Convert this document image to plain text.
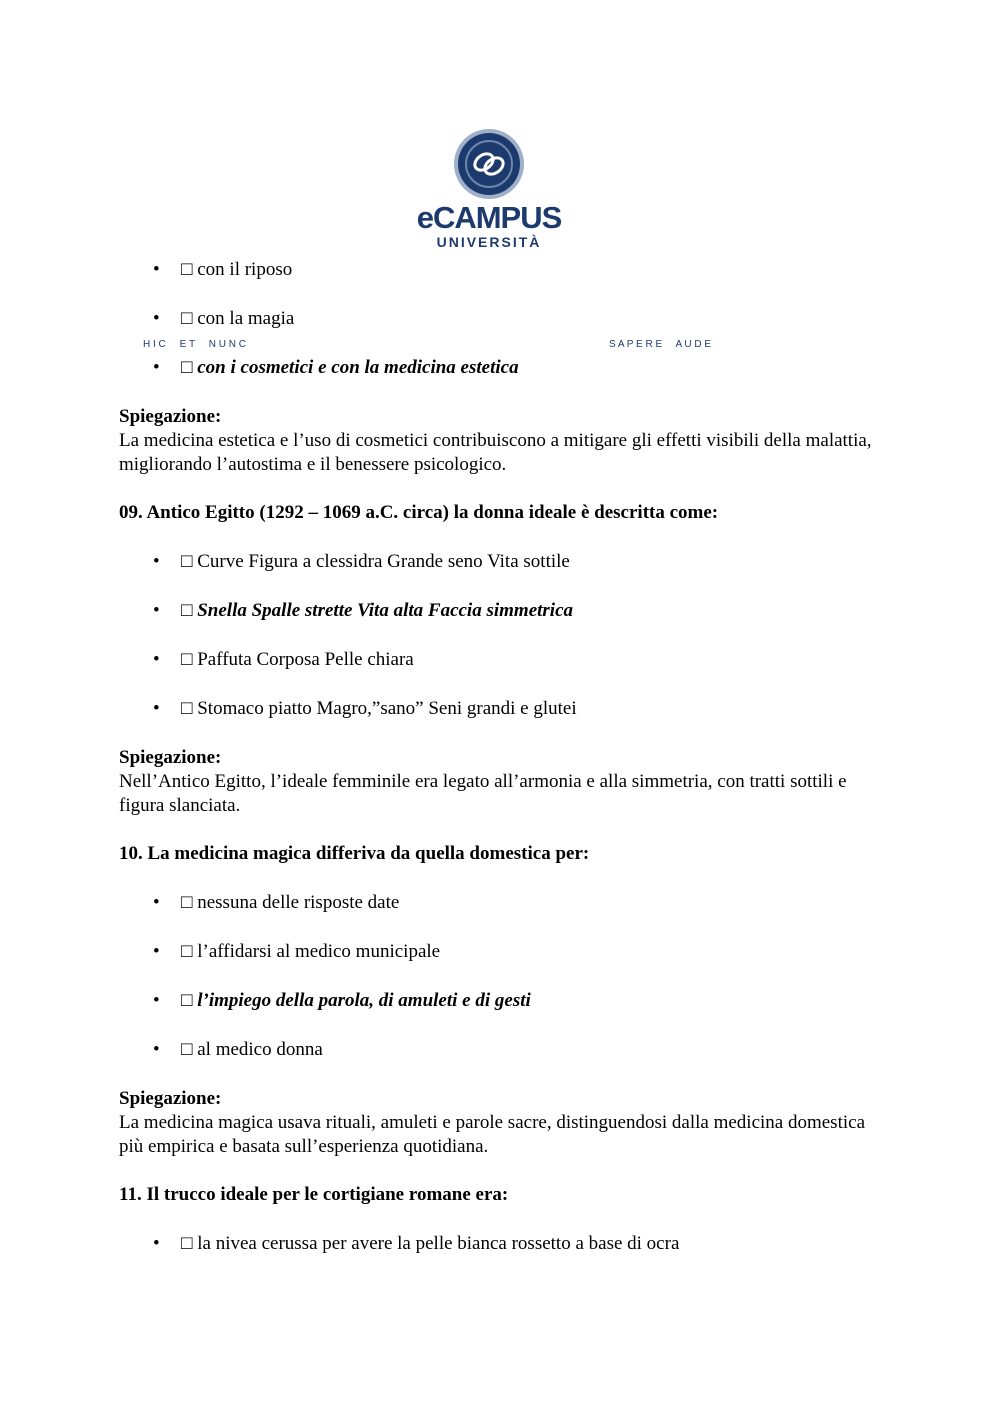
H I C     E T     N U N C	S A P E R E     A U D E
eCAMPUS
UNIVERSITÀ
• □ con il riposo
• □ con la magia
• □ con i cosmetici e con la medicina estetica

Spiegazione:

La medicina estetica e l’uso di cosmetici contribuiscono a mitigare gli effetti visibili della malattia, migliorando l’autostima e il benessere psicologico.

09. Antico Egitto (1292 – 1069 a.C. circa) la donna ideale è descritta come:

• □ Curve Figura a clessidra Grande seno Vita sottile
• □ Snella Spalle strette Vita alta Faccia simmetrica
• □ Paffuta Corposa Pelle chiara
• □ Stomaco piatto Magro,”sano” Seni grandi e glutei

Spiegazione:

Nell’Antico Egitto, l’ideale femminile era legato all’armonia e alla simmetria, con tratti sottili e figura slanciata.

10. La medicina magica differiva da quella domestica per:

• □ nessuna delle risposte date
• □ l’affidarsi al medico municipale
• □ l’impiego della parola, di amuleti e di gesti
• □ al medico donna

Spiegazione:

La medicina magica usava rituali, amuleti e parole sacre, distinguendosi dalla medicina domestica più empirica e basata sull’esperienza quotidiana.

11. Il trucco ideale per le cortigiane romane era:

• □ la nivea cerussa per avere la pelle bianca rossetto a base di ocra
